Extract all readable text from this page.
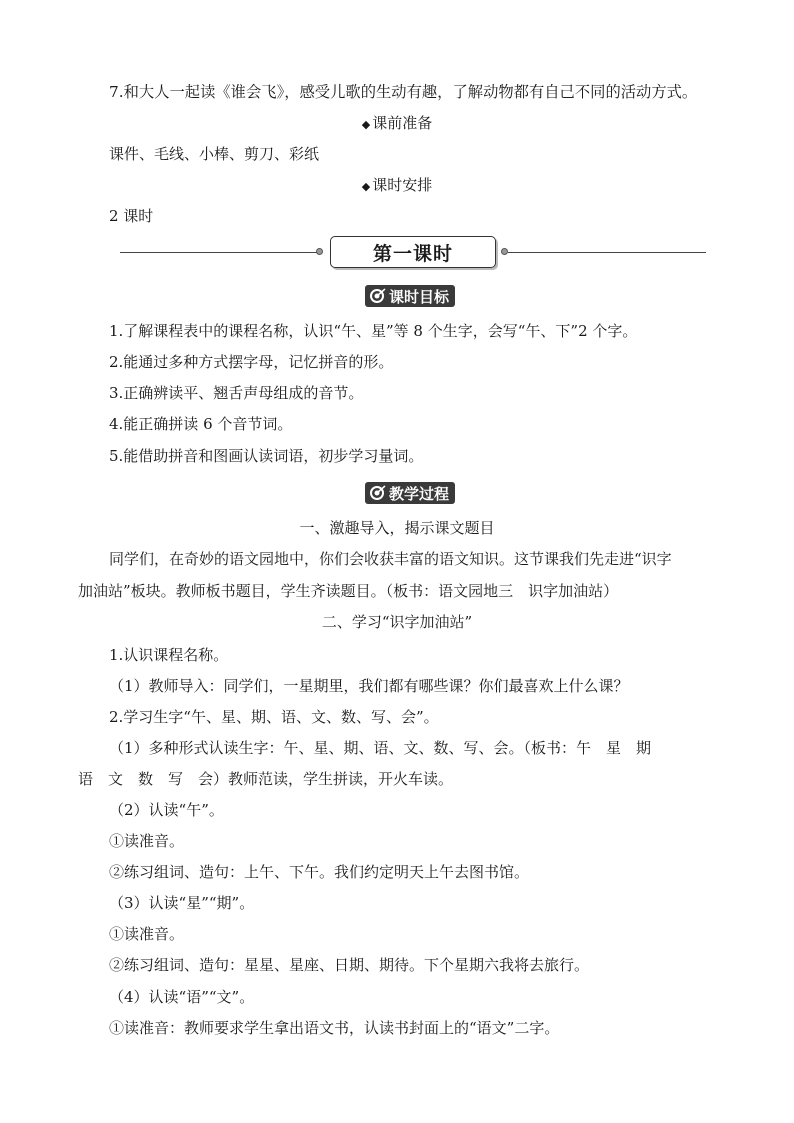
7.和大人一起读《谁会飞》，感受儿歌的生动有趣，了解动物都有自己不同的活动方式。
◆ 课前准备
课件、毛线、小棒、剪刀、彩纸
◆ 课时安排
2 课时
第一课时
课时目标
1.了解课程表中的课程名称，认识“午、星”等 8 个生字，会写“午、下”2 个字。
2.能通过多种方式摆字母，记忆拼音的形。
3.正确辨读平、翘舌声母组成的音节。
4.能正确拼读 6 个音节词。
5.能借助拼音和图画认读词语，初步学习量词。
教学过程
一、激趣导入，揭示课文题目
同学们，在奇妙的语文园地中，你们会收获丰富的语文知识。这节课我们先走进“识字
加油站”板块。教师板书题目，学生齐读题目。（板书：语文园地三　识字加油站）
二、学习“识字加油站”
1.认识课程名称。
（1）教师导入：同学们，一星期里，我们都有哪些课？你们最喜欢上什么课？
2.学习生字“午、星、期、语、文、数、写、会”。
（1）多种形式认读生字：午、星、期、语、文、数、写、会。（板书：午　星　期
语　文　数　写　会）教师范读，学生拼读，开火车读。
（2）认读“午”。
①读准音。
②练习组词、造句：上午、下午。我们约定明天上午去图书馆。
（3）认读“星”“期”。
①读准音。
②练习组词、造句：星星、星座、日期、期待。下个星期六我将去旅行。
（4）认读“语”“文”。
①读准音：教师要求学生拿出语文书，认读书封面上的“语文”二字。
